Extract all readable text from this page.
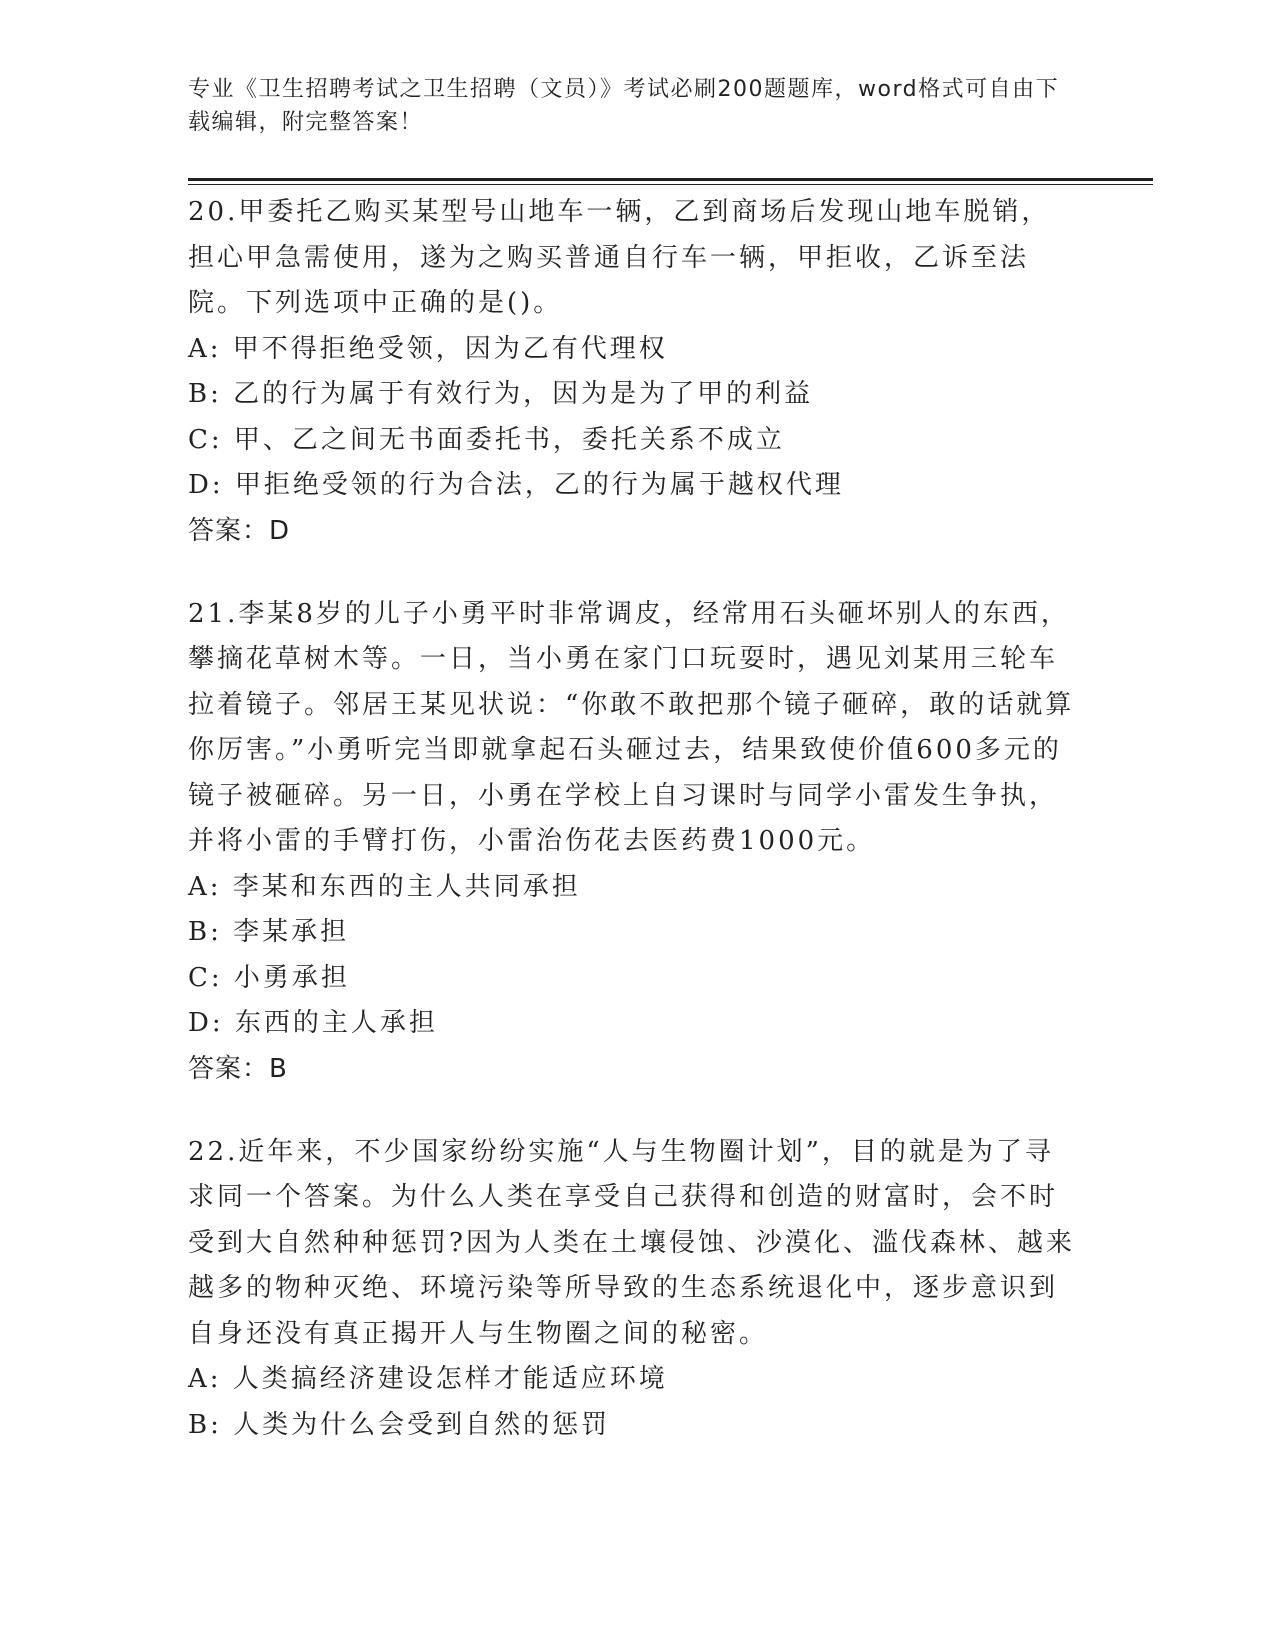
专业《卫生招聘考试之卫生招聘（文员）》考试必刷200题题库，word格式可自由下载编辑，附完整答案！

20.甲委托乙购买某型号山地车一辆，乙到商场后发现山地车脱销，担心甲急需使用，遂为之购买普通自行车一辆，甲拒收，乙诉至法院。下列选项中正确的是()。

A: 甲不得拒绝受领，因为乙有代理权

B: 乙的行为属于有效行为，因为是为了甲的利益

C: 甲、乙之间无书面委托书，委托关系不成立

D: 甲拒绝受领的行为合法，乙的行为属于越权代理

答案：D

21.李某8岁的儿子小勇平时非常调皮，经常用石头砸坏别人的东西，攀摘花草树木等。一日，当小勇在家门口玩耍时，遇见刘某用三轮车拉着镜子。邻居王某见状说：“你敢不敢把那个镜子砸碎，敢的话就算你厉害。”小勇听完当即就拿起石头砸过去，结果致使价值600多元的镜子被砸碎。另一日，小勇在学校上自习课时与同学小雷发生争执，并将小雷的手臂打伤，小雷治伤花去医药费1000元。

A: 李某和东西的主人共同承担

B: 李某承担

C: 小勇承担

D: 东西的主人承担

答案：B

22.近年来，不少国家纷纷实施“人与生物圈计划”，目的就是为了寻求同一个答案。为什么人类在享受自己获得和创造的财富时，会不时受到大自然种种惩罚?因为人类在土壤侵蚀、沙漠化、滥伐森林、越来越多的物种灭绝、环境污染等所导致的生态系统退化中，逐步意识到自身还没有真正揭开人与生物圈之间的秘密。

A: 人类搞经济建设怎样才能适应环境

B: 人类为什么会受到自然的惩罚
